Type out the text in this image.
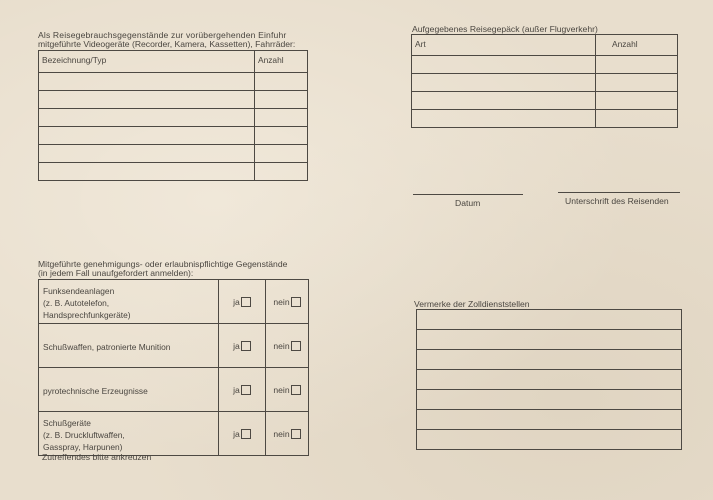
Als Reisegebrauchsgegenstände zur vorübergehenden Einfuhr
mitgeführte Videogeräte (Recorder, Kamera, Kassetten), Fahrräder:
Bezeichnung/Typ	Anzahl

Aufgegebenes Reisegepäck (außer Flugverkehr)
Art	Anzahl

Datum	Unterschrift des Reisenden
Mitgeführte genehmigungs- oder erlaubnispflichtige Gegenstände
(in jedem Fall unaufgefordert anmelden):
Funksendeanlagen
(z. B. Autotelefon,
Handsprechfunkgeräte)	ja	nein

Schußwaffen, patronierte Munition	ja	nein

pyrotechnische Erzeugnisse	ja	nein

Schußgeräte
(z. B. Druckluftwaffen,
Gasspray, Harpunen)	ja	nein
Zutreffendes bitte ankreuzen
Vermerke der Zolldienststellen
